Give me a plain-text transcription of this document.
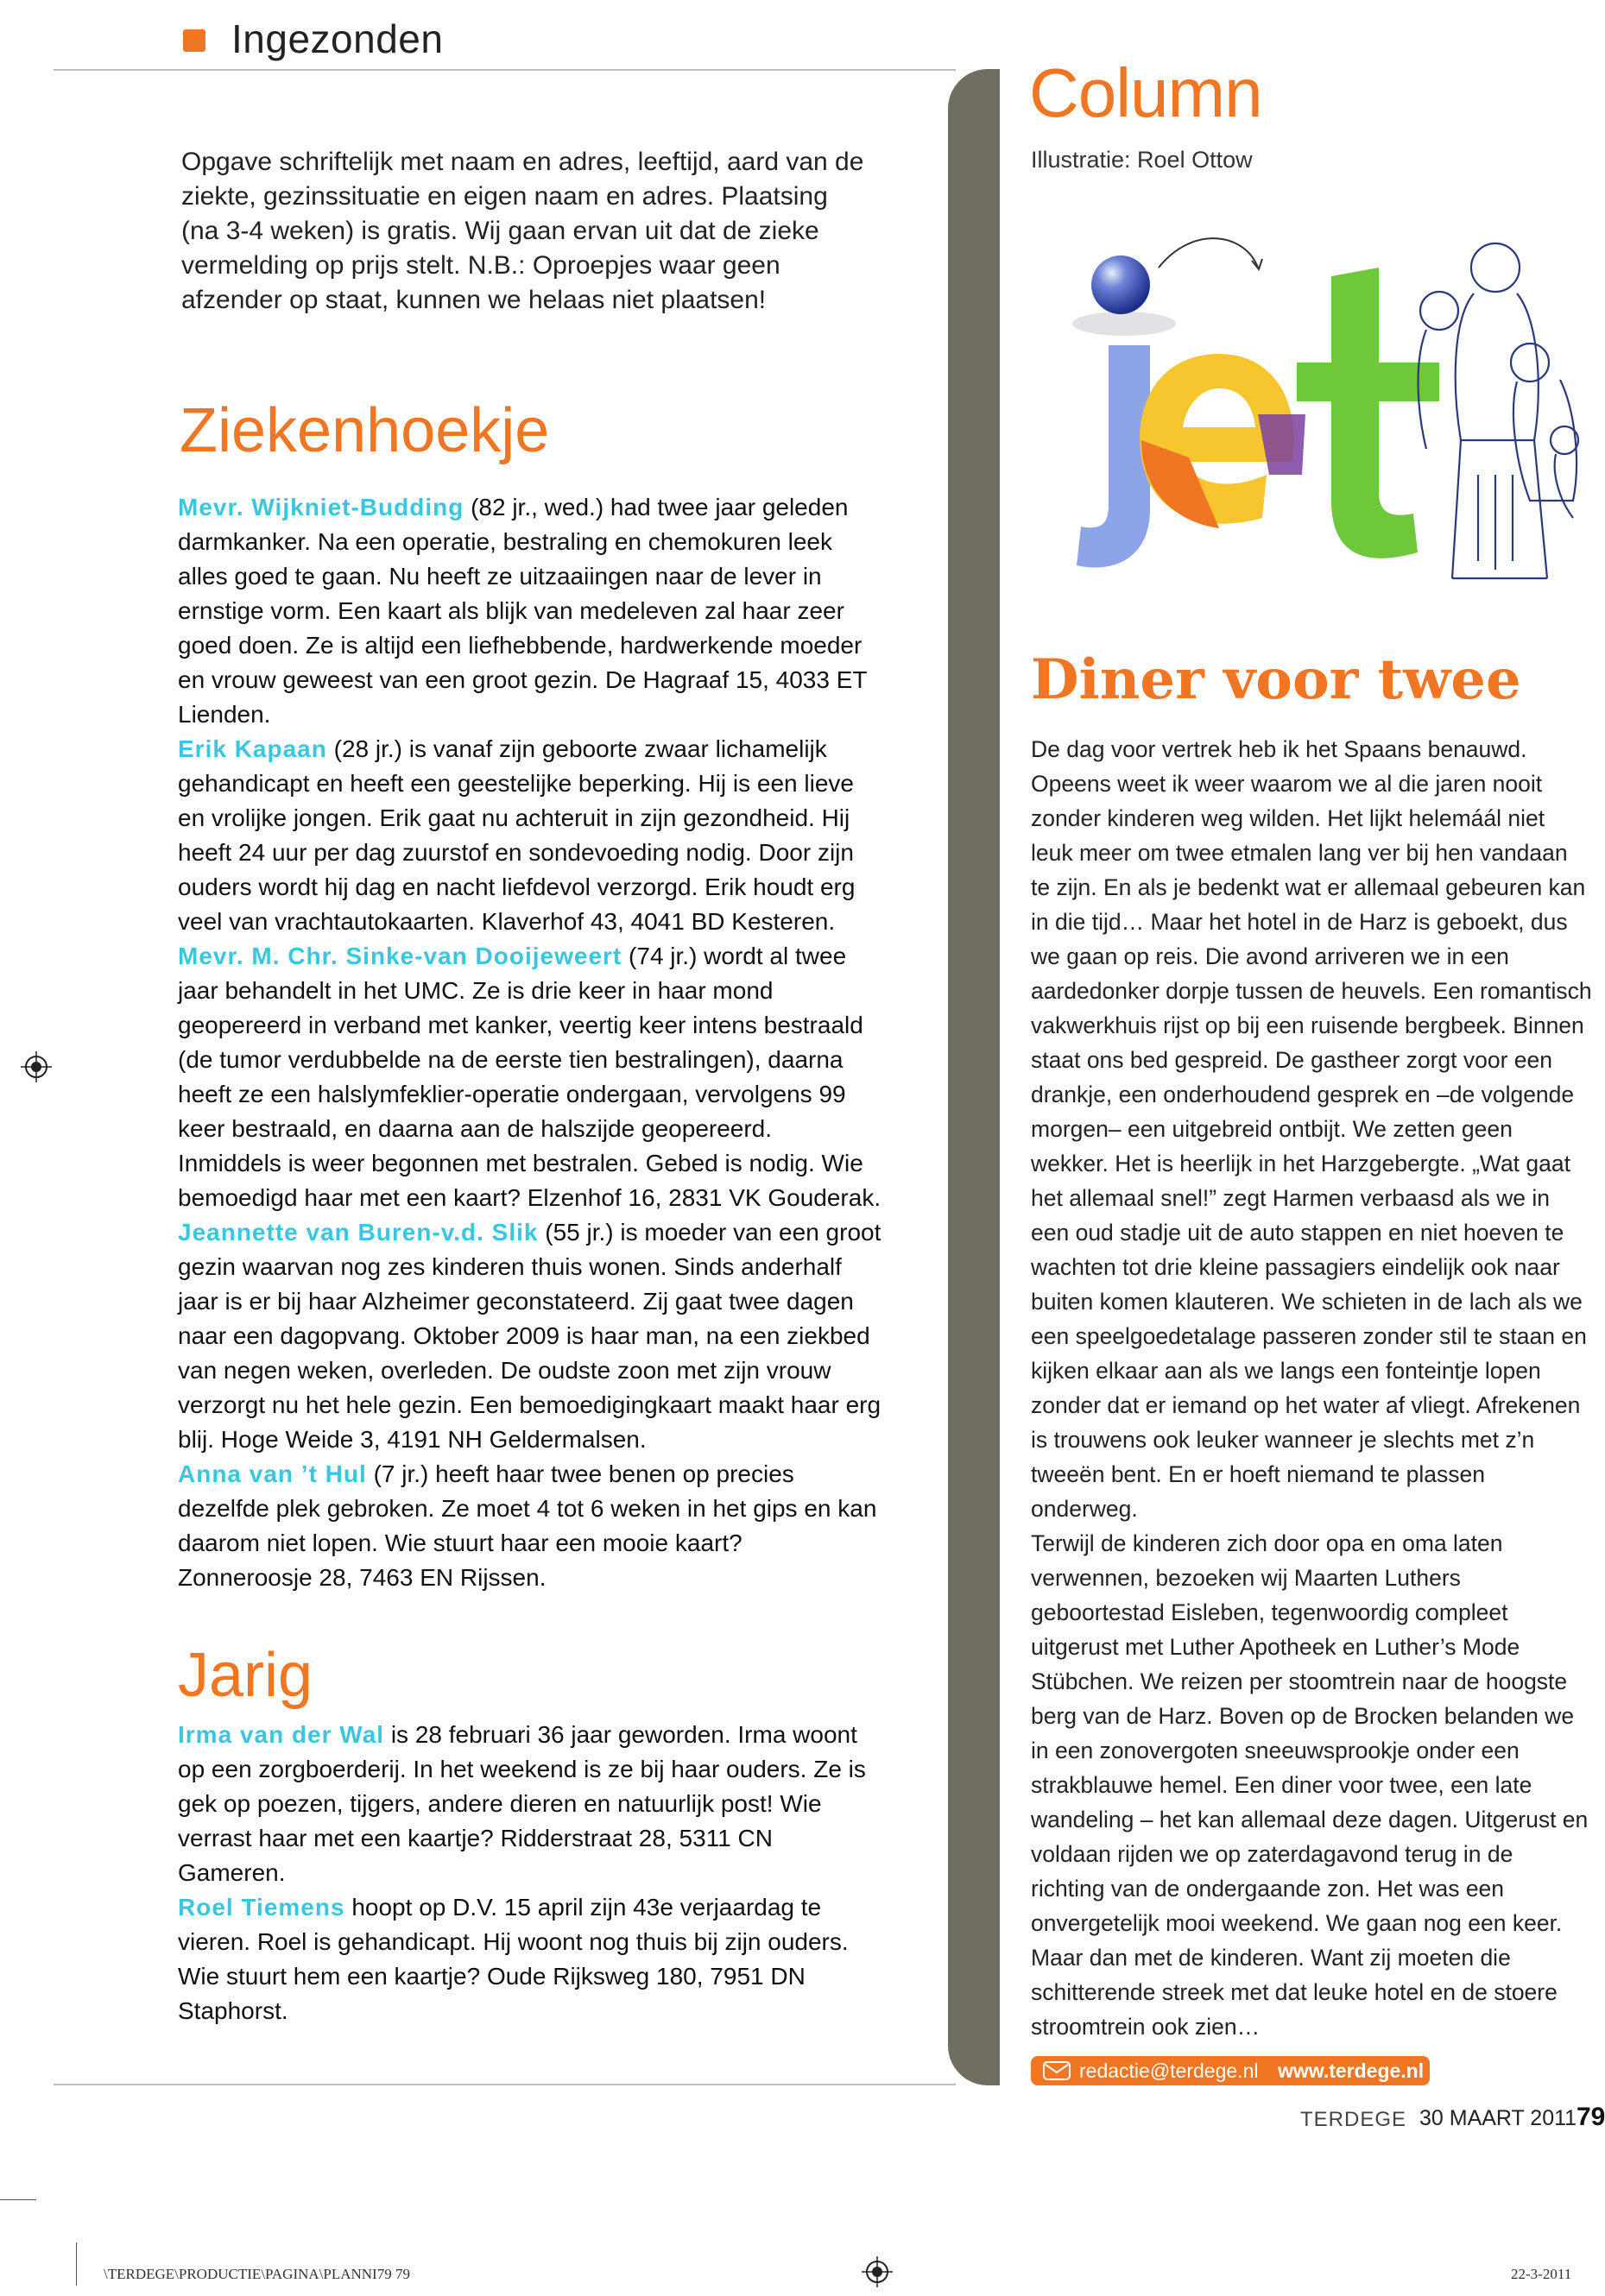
Ingezonden
Opgave schriftelijk met naam en adres, leeftijd, aard van de ziekte, gezinssituatie en eigen naam en adres. Plaatsing (na 3-4 weken) is gratis. Wij gaan ervan uit dat de zieke vermelding op prijs stelt. N.B.: Oproepjes waar geen afzender op staat, kunnen we helaas niet plaatsen!
Ziekenhoekje

Mevr. Wijkniet-Budding (82 jr., wed.) had twee jaar geleden darmkanker. Na een operatie, bestraling en chemokuren leek alles goed te gaan. Nu heeft ze uitzaaiingen naar de lever in ernstige vorm. Een kaart als blijk van medeleven zal haar zeer goed doen. Ze is altijd een liefhebbende, hardwerkende moeder en vrouw geweest van een groot gezin. De Hagraaf 15, 4033 ET Lienden.

Erik Kapaan (28 jr.) is vanaf zijn geboorte zwaar lichamelijk gehandicapt en heeft een geestelijke beperking. Hij is een lieve en vrolijke jongen. Erik gaat nu achteruit in zijn gezondheid. Hij heeft 24 uur per dag zuurstof en sondevoeding nodig. Door zijn ouders wordt hij dag en nacht liefdevol verzorgd. Erik houdt erg veel van vrachtautokaarten. Klaverhof 43, 4041 BD Kesteren.

Mevr. M. Chr. Sinke-van Dooijeweert (74 jr.) wordt al twee jaar behandelt in het UMC. Ze is drie keer in haar mond geopereerd in verband met kanker, veertig keer intens bestraald (de tumor verdubbelde na de eerste tien bestralingen), daarna heeft ze een halslymfeklier-operatie ondergaan, vervolgens 99 keer bestraald, en daarna aan de halszijde geopereerd. Inmiddels is weer begonnen met bestralen. Gebed is nodig. Wie bemoedigd haar met een kaart? Elzenhof 16, 2831 VK Gouderak.

Jeannette van Buren-v.d. Slik (55 jr.) is moeder van een groot gezin waarvan nog zes kinderen thuis wonen. Sinds anderhalf jaar is er bij haar Alzheimer geconstateerd. Zij gaat twee dagen naar een dagopvang. Oktober 2009 is haar man, na een ziekbed van negen weken, overleden. De oudste zoon met zijn vrouw verzorgt nu het hele gezin. Een bemoedigingkaart maakt haar erg blij. Hoge Weide 3, 4191 NH Geldermalsen.

Anna van ’t Hul (7 jr.) heeft haar twee benen op precies dezelfde plek gebroken. Ze moet 4 tot 6 weken in het gips en kan daarom niet lopen. Wie stuurt haar een mooie kaart? Zonneroosje 28, 7463 EN Rijssen.

Jarig

Irma van der Wal is 28 februari 36 jaar geworden. Irma woont op een zorgboerderij. In het weekend is ze bij haar ouders. Ze is gek op poezen, tijgers, andere dieren en natuurlijk post! Wie verrast haar met een kaartje? Ridderstraat 28, 5311 CN Gameren.

Roel Tiemens hoopt op D.V. 15 april zijn 43e verjaardag te vieren. Roel is gehandicapt. Hij woont nog thuis bij zijn ouders. Wie stuurt hem een kaartje? Oude Rijksweg 180, 7951 DN Staphorst.

Column
Illustratie: Roel Ottow
Diner voor twee

De dag voor vertrek heb ik het Spaans benauwd. Opeens weet ik weer waarom we al die jaren nooit zonder kinderen weg wilden. Het lijkt helemáál niet leuk meer om twee etmalen lang ver bij hen vandaan te zijn. En als je bedenkt wat er allemaal gebeuren kan in die tijd… Maar het hotel in de Harz is geboekt, dus we gaan op reis. Die avond arriveren we in een aardedonker dorpje tussen de heuvels. Een romantisch vakwerkhuis rijst op bij een ruisende bergbeek. Binnen staat ons bed gespreid. De gastheer zorgt voor een drankje, een onderhoudend gesprek en –de volgende morgen– een uitgebreid ontbijt. We zetten geen wekker. Het is heerlijk in het Harzgebergte. „Wat gaat het allemaal snel!” zegt Harmen verbaasd als we in een oud stadje uit de auto stappen en niet hoeven te wachten tot drie kleine passagiers eindelijk ook naar buiten komen klauteren. We schieten in de lach als we een speelgoedetalage passeren zonder stil te staan en kijken elkaar aan als we langs een fonteintje lopen zonder dat er iemand op het water af vliegt. Afrekenen is trouwens ook leuker wanneer je slechts met z’n tweeën bent. En er hoeft niemand te plassen onderweg.

Terwijl de kinderen zich door opa en oma laten verwennen, bezoeken wij Maarten Luthers geboortestad Eisleben, tegenwoordig compleet uitgerust met Luther Apotheek en Luther’s Mode Stübchen. We reizen per stoomtrein naar de hoogste berg van de Harz. Boven op de Brocken belanden we in een zonovergoten sneeuwsprookje onder een strakblauwe hemel. Een diner voor twee, een late wandeling – het kan allemaal deze dagen. Uitgerust en voldaan rijden we op zaterdagavond terug in de richting van de ondergaande zon. Het was een onvergetelijk mooi weekend. We gaan nog een keer. Maar dan met de kinderen. Want zij moeten die schitterende streek met dat leuke hotel en de stoere stroomtrein ook zien…

redactie@terdege.nl www.terdege.nl
TERDEGE 30 MAART 2011 79
\TERDEGE\PRODUCTIE\PAGINA\PLANNI79 79	22-3-2011
